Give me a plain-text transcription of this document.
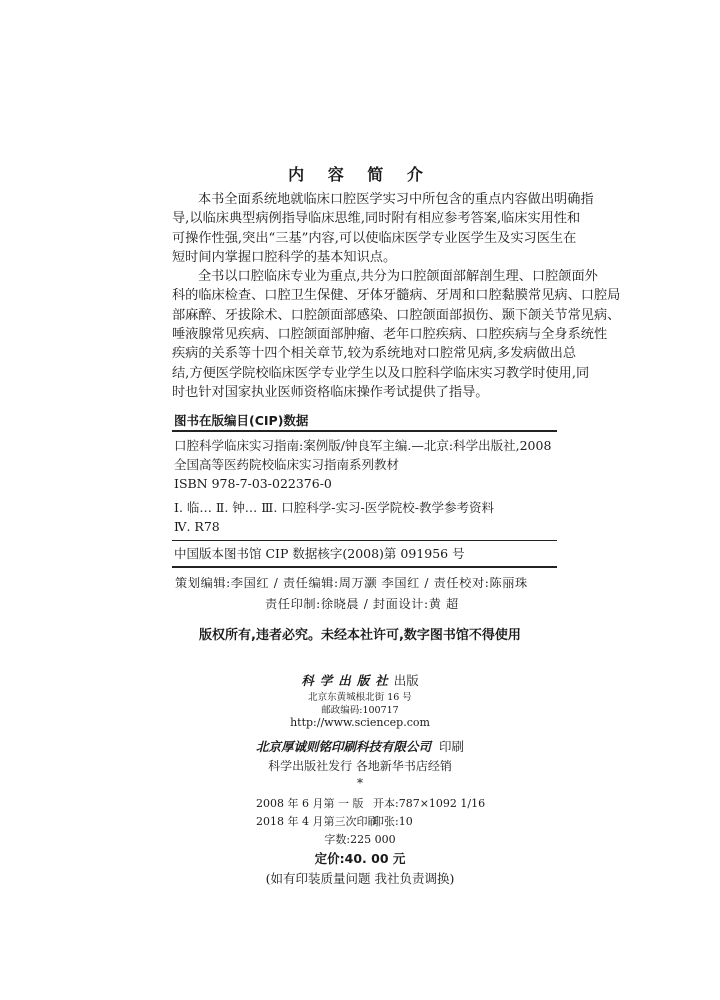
内 容 简 介

本书全面系统地就临床口腔医学实习中所包含的重点内容做出明确指
导,以临床典型病例指导临床思维,同时附有相应参考答案,临床实用性和
可操作性强,突出“三基”内容,可以使临床医学专业医学生及实习医生在
短时间内掌握口腔科学的基本知识点。

全书以口腔临床专业为重点,共分为口腔颌面部解剖生理、口腔颌面外
科的临床检查、口腔卫生保健、牙体牙髓病、牙周和口腔黏膜常见病、口腔局
部麻醉、牙拔除术、口腔颌面部感染、口腔颌面部损伤、颞下颌关节常见病、
唾液腺常见疾病、口腔颌面部肿瘤、老年口腔疾病、口腔疾病与全身系统性
疾病的关系等十四个相关章节,较为系统地对口腔常见病,多发病做出总
结,方便医学院校临床医学专业学生以及口腔科学临床实习教学时使用,同
时也针对国家执业医师资格临床操作考试提供了指导。

图书在版编目(CIP)数据
口腔科学临床实习指南:案例版/钟良军主编.—北京:科学出版社,2008
全国高等医药院校临床实习指南系列教材
ISBN 978-7-03-022376-0
Ⅰ. 临… Ⅱ. 钟… Ⅲ. 口腔科学-实习-医学院校-教学参考资料
Ⅳ. R78
中国版本图书馆 CIP 数据核字(2008)第 091956 号
策划编辑:李国红 / 责任编辑:周万灏 李国红 / 责任校对:陈丽珠
责任印制:徐晓晨 / 封面设计:黄 超
版权所有,违者必究。未经本社许可,数字图书馆不得使用
科学出版社出版
北京东黄城根北街 16 号
邮政编码:100717
http://www.sciencep.com
北京厚诚则铭印刷科技有限公司 印刷
科学出版社发行 各地新华书店经销
*
2008 年 6 月第 一 版 开本:787×1092 1/16
2018 年 4 月第三次印刷印张:10
字数:225 000
定价:40. 00 元
(如有印装质量问题 我社负责调换)
